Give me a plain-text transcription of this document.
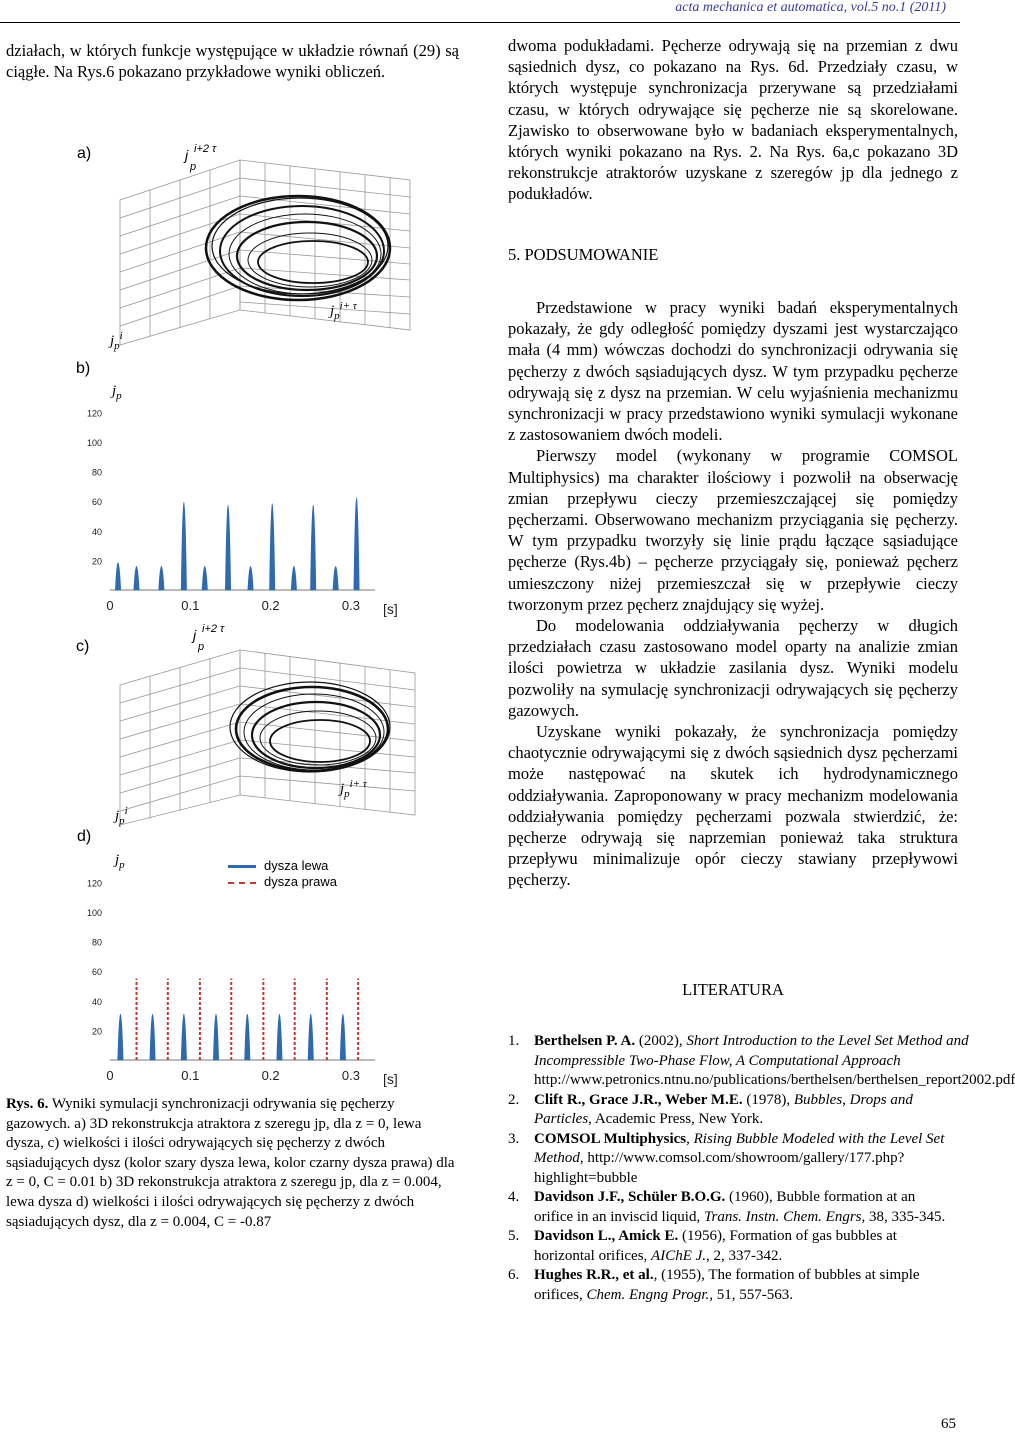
acta mechanica et automatica, vol.5 no.1 (2011)

działach, w których funkcje występujące w układzie równań (29) są ciągłe. Na Rys.6 pokazano przykładowe wyniki obliczeń.

dwoma podukładami. Pęcherze odrywają się na przemian z dwu sąsiednich dysz, co pokazano na Rys. 6d. Przedziały czasu, w których występuje synchronizacja przerywane są przedziałami czasu, w których odrywające się pęcherze nie są skorelowane. Zjawisko to obserwowane było w badaniach eksperymentalnych, których wyniki pokazano na Rys. 2. Na Rys. 6a,c pokazano 3D rekonstrukcje atraktorów uzyskane z szeregów jp dla jednego z podukładów.

5. PODSUMOWANIE

Przedstawione w pracy wyniki badań eksperymentalnych pokazały, że gdy odległość pomiędzy dyszami jest wystarczająco mała (4 mm) wówczas dochodzi do synchronizacji odrywania się pęcherzy z dwóch sąsiadujących dysz. W tym przypadku pęcherze odrywają się z dysz na przemian. W celu wyjaśnienia mechanizmu synchronizacji w pracy przedstawiono wyniki symulacji wykonane z zastosowaniem dwóch modeli.

Pierwszy model (wykonany w programie COMSOL Multiphysics) ma charakter ilościowy i pozwolił na obserwację zmian przepływu cieczy przemieszczającej się pomiędzy pęcherzami. Obserwowano mechanizm przyciągania się pęcherzy. W tym przypadku tworzyły się linie prądu łączące sąsiadujące pęcherze (Rys.4b) – pęcherze przyciągały się, ponieważ pęcherz umieszczony niżej przemieszczał się w przepływie cieczy tworzonym przez pęcherz znajdujący się wyżej.

Do modelowania oddziaływania pęcherzy w długich przedziałach czasu zastosowano model oparty na analizie zmian ilości powietrza w układzie zasilania dysz. Wyniki modelu pozwoliły na symulację synchronizacji odrywających się pęcherzy gazowych.

Uzyskane wyniki pokazały, że synchronizacja pomiędzy chaotycznie odrywającymi się z dwóch sąsiednich dysz pęcherzami może następować na skutek ich hydrodynamicznego oddziaływania. Zaproponowany w pracy mechanizm modelowania oddziaływania pomiędzy pęcherzami pozwala stwierdzić, że: pęcherze odrywają się naprzemian ponieważ taka struktura przepływu minimalizuje opór cieczy stawiany przepływowi pęcherzy.

LITERATURA
1. Berthelsen P. A. (2002), Short Introduction to the Level Set Method and Incompressible Two-Phase Flow, A Computational Approach http://www.petronics.ntnu.no/publications/berthelsen/berthelsen_report2002.pdf
2. Clift R., Grace J.R., Weber M.E. (1978), Bubbles, Drops and Particles, Academic Press, New York.
3. COMSOL Multiphysics, Rising Bubble Modeled with the Level Set Method, http://www.comsol.com/showroom/gallery/177.php?highlight=bubble
4. Davidson J.F., Schüler B.O.G. (1960), Bubble formation at an orifice in an inviscid liquid, Trans. Instn. Chem. Engrs, 38, 335-345.
5. Davidson L., Amick E. (1956), Formation of gas bubbles at horizontal orifices, AIChE J., 2, 337-342.
6. Hughes R.R., et al., (1955), The formation of bubbles at simple orifices, Chem. Engng Progr., 51, 557-563.
a)
b)
c)
d)
j
p
i+2 τ
$j_p^{i+ \tau}$
$j_p^i$
$j_p$
120
100
80
60
40
20
0	0.1	0.2	0.3 [s]
j
p
i+2 τ
$j_p^{i+ \tau}$
$j_p^i$
$j_p$
120
100
80
60
40
20
0	0.1	0.2	0.3 [s]
dysza lewa
dysza prawa
Rys. 6. Wyniki symulacji synchronizacji odrywania się pęcherzy gazowych. a) 3D rekonstrukcja atraktora z szeregu jp, dla z = 0, lewa dysza, c) wielkości i ilości odrywających się pęcherzy z dwóch sąsiadujących dysz (kolor szary dysza lewa, kolor czarny dysza prawa) dla z = 0, C = 0.01 b) 3D rekonstrukcja atraktora z szeregu jp, dla z = 0.004, lewa dysza d) wielkości i ilości odrywających się pęcherzy z dwóch sąsiadujących dysz, dla z = 0.004, C = -0.87
65
